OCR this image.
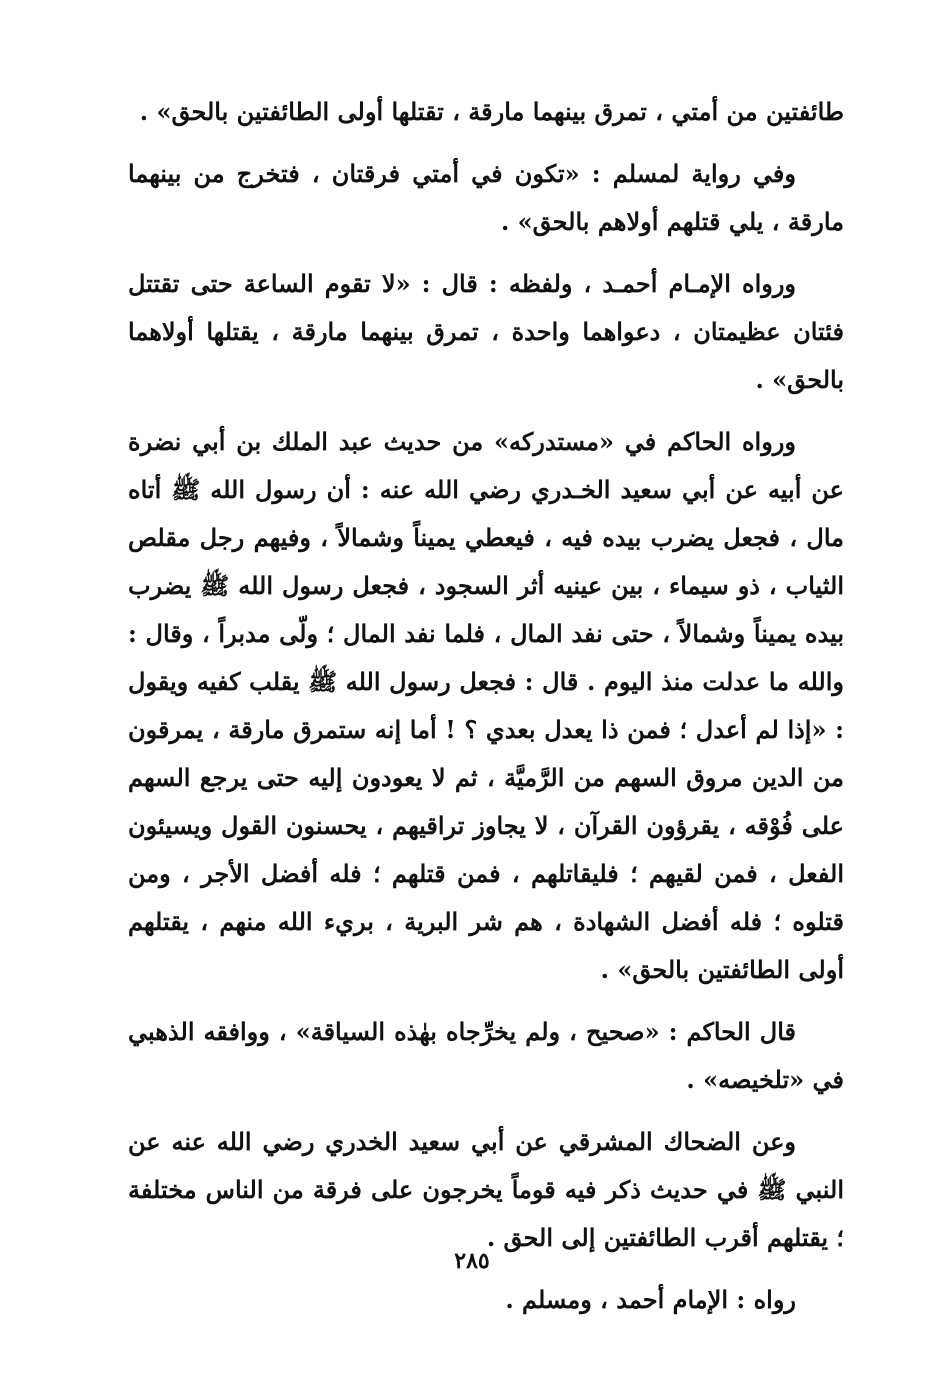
طائفتين من أمتي ، تمرق بينهما مارقة ، تقتلها أولى الطائفتين بالحق» .

وفي رواية لمسلم : «تكون في أمتي فرقتان ، فتخرج من بينهما مارقة ، يلي قتلهم أولاهم بالحق» .

ورواه الإمـام أحمـد ، ولفظه : قال : «لا تقوم الساعة حتى تقتتل فئتان عظيمتان ، دعواهما واحدة ، تمرق بينهما مارقة ، يقتلها أولاهما بالحق» .

ورواه الحاكم في «مستدركه» من حديث عبد الملك بن أبي نضرة عن أبيه عن أبي سعيد الخـدري رضي الله عنه : أن رسول الله ﷺ أتاه مال ، فجعل يضرب بيده فيه ، فيعطي يميناً وشمالاً ، وفيهم رجل مقلص الثياب ، ذو سيماء ، بين عينيه أثر السجود ، فجعل رسول الله ﷺ يضرب بيده يميناً وشمالاً ، حتى نفد المال ، فلما نفد المال ؛ ولّى مدبراً ، وقال : والله ما عدلت منذ اليوم . قال : فجعل رسول الله ﷺ يقلب كفيه ويقول : «إذا لم أعدل ؛ فمن ذا يعدل بعدي ؟ ! أما إنه ستمرق مارقة ، يمرقون من الدين مروق السهم من الرَّميَّة ، ثم لا يعودون إليه حتى يرجع السهم على فُوْقه ، يقرؤون القرآن ، لا يجاوز تراقيهم ، يحسنون القول ويسيئون الفعل ، فمن لقيهم ؛ فليقاتلهم ، فمن قتلهم ؛ فله أفضل الأجر ، ومن قتلوه ؛ فله أفضل الشهادة ، هم شر البرية ، بريء الله منهم ، يقتلهم أولى الطائفتين بالحق» .

قال الحاكم : «صحيح ، ولم يخرِّجاه بهٰذه السياقة» ، ووافقه الذهبي في «تلخيصه» .

وعن الضحاك المشرقي عن أبي سعيد الخدري رضي الله عنه عن النبي ﷺ في حديث ذكر فيه قوماً يخرجون على فرقة من الناس مختلفة ؛ يقتلهم أقرب الطائفتين إلى الحق .

رواه : الإمام أحمد ، ومسلم .

٢٨٥
